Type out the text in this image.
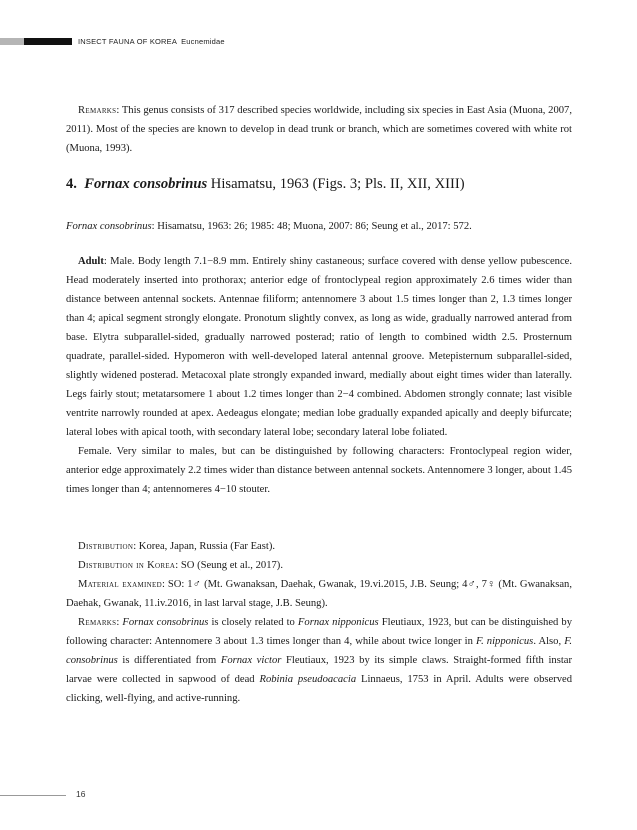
INSECT FAUNA OF KOREA Eucnemidae

Remarks: This genus consists of 317 described species worldwide, including six species in East Asia (Muona, 2007, 2011). Most of the species are known to develop in dead trunk or branch, which are sometimes covered with white rot (Muona, 1993).

4. Fornax consobrinus Hisamatsu, 1963 (Figs. 3; Pls. II, XII, XIII)

Fornax consobrinus: Hisamatsu, 1963: 26; 1985: 48; Muona, 2007: 86; Seung et al., 2017: 572.

Adult: Male. Body length 7.1−8.9 mm. Entirely shiny castaneous; surface covered with dense yellow pubescence. Head moderately inserted into prothorax; anterior edge of frontoclypeal region approximately 2.6 times wider than distance between antennal sockets. Antennae filiform; antennomere 3 about 1.5 times longer than 2, 1.3 times longer than 4; apical segment strongly elongate. Pronotum slightly convex, as long as wide, gradually narrowed anterad from base. Elytra subparallel-sided, gradually narrowed posterad; ratio of length to combined width 2.5. Prosternum quadrate, parallel-sided. Hypomeron with well-developed lateral antennal groove. Metepisternum subparallel-sided, slightly widened posterad. Metacoxal plate strongly expanded inward, medially about eight times wider than laterally. Legs fairly stout; metatarsomere 1 about 1.2 times longer than 2−4 combined. Abdomen strongly connate; last visible ventrite narrowly rounded at apex. Aedeagus elongate; median lobe gradually expanded apically and deeply bifurcate; lateral lobes with apical tooth, with secondary lateral lobe; secondary lateral lobe foliated.

Female. Very similar to males, but can be distinguished by following characters: Frontoclypeal region wider, anterior edge approximately 2.2 times wider than distance between antennal sockets. Antennomere 3 longer, about 1.45 times longer than 4; antennomeres 4−10 stouter.

Distribution: Korea, Japan, Russia (Far East).

Distribution in Korea: SO (Seung et al., 2017).

Material examined: SO: 1♂ (Mt. Gwanaksan, Daehak, Gwanak, 19.vi.2015, J.B. Seung; 4♂, 7♀ (Mt. Gwanaksan, Daehak, Gwanak, 11.iv.2016, in last larval stage, J.B. Seung).

Remarks: Fornax consobrinus is closely related to Fornax nipponicus Fleutiaux, 1923, but can be distinguished by following character: Antennomere 3 about 1.3 times longer than 4, while about twice longer in F. nipponicus. Also, F. consobrinus is differentiated from Fornax victor Fleutiaux, 1923 by its simple claws. Straight-formed fifth instar larvae were collected in sapwood of dead Robinia pseudoacacia Linnaeus, 1753 in April. Adults were observed clicking, well-flying, and active-running.

16
